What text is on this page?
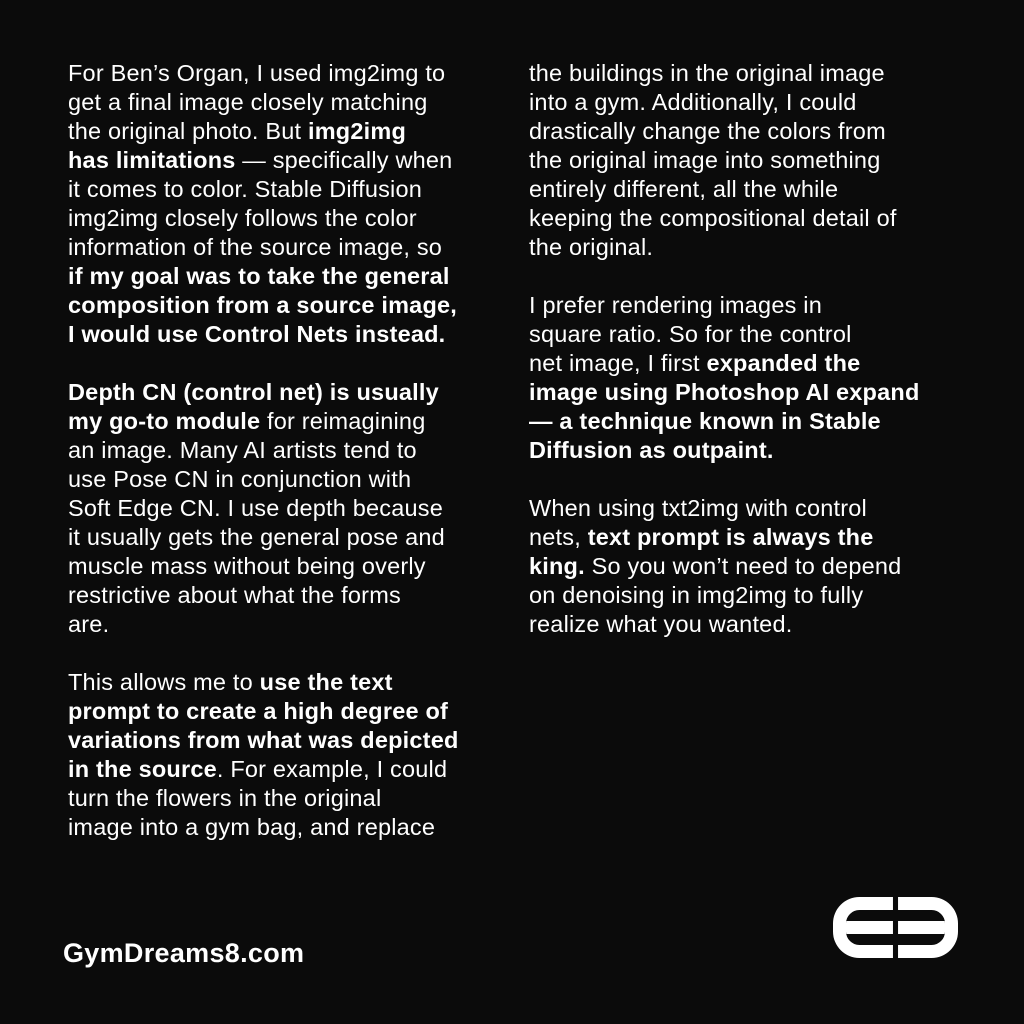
For Ben’s Organ, I used img2img to
get a final image closely matching
the original photo. But img2img
has limitations — specifically when
it comes to color. Stable Diffusion
img2img closely follows the color
information of the source image, so
if my goal was to take the general
composition from a source image,
I would use Control Nets instead.
Depth CN (control net) is usually
my go-to module for reimagining
an image. Many AI artists tend to
use Pose CN in conjunction with
Soft Edge CN. I use depth because
it usually gets the general pose and
muscle mass without being overly
restrictive about what the forms
are.
This allows me to use the text
prompt to create a high degree of
variations from what was depicted
in the source. For example, I could
turn the flowers in the original
image into a gym bag, and replace
the buildings in the original image
into a gym. Additionally, I could
drastically change the colors from
the original image into something
entirely different, all the while
keeping the compositional detail of
the original.
I prefer rendering images in
square ratio. So for the control
net image, I first expanded the
image using Photoshop AI expand
— a technique known in Stable
Diffusion as outpaint.
When using txt2img with control
nets, text prompt is always the
king. So you won’t need to depend
on denoising in img2img to fully
realize what you wanted.
GymDreams8.com
